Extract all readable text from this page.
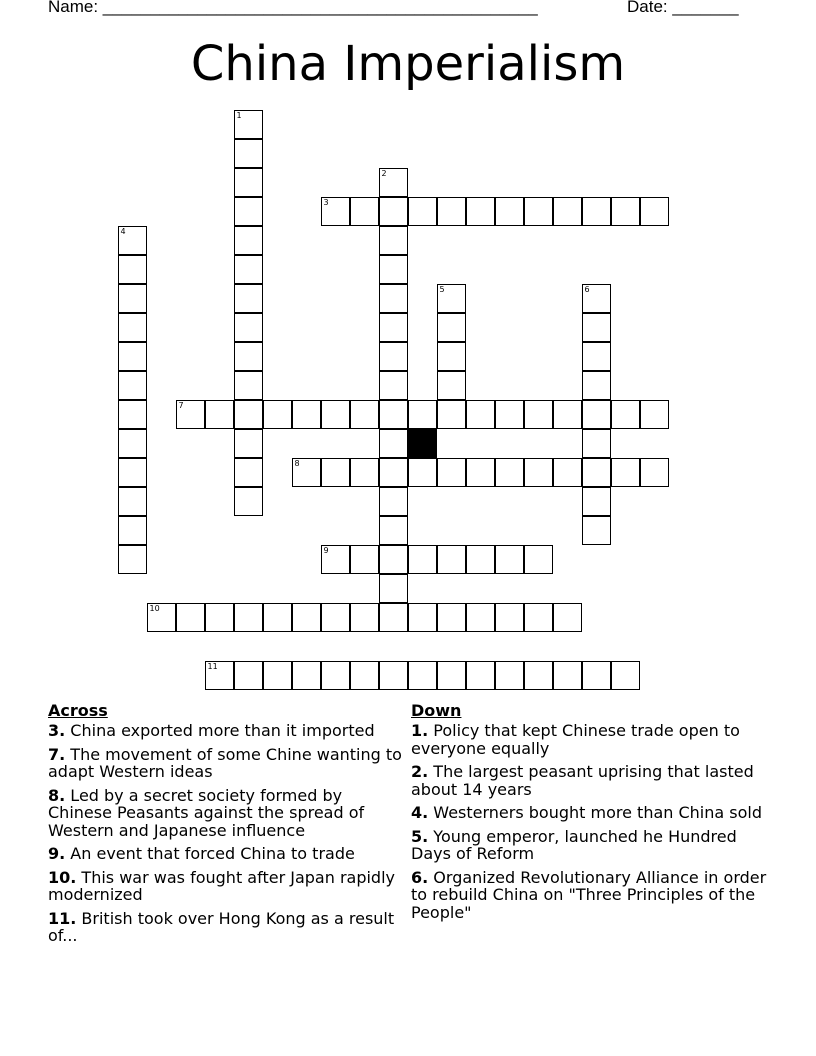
Name: ______________________________________________	Date: _______
China Imperialism
1
2
3
4
5	6
7
8
9
10
11
Across
3. China exported more than it imported
7. The movement of some Chine wanting to adapt Western ideas
8. Led by a secret society formed by Chinese Peasants against the spread of Western and Japanese influence
9. An event that forced China to trade
10. This war was fought after Japan rapidly modernized
11. British took over Hong Kong as a result of...
Down
1. Policy that kept Chinese trade open to everyone equally
2. The largest peasant uprising that lasted about 14 years
4. Westerners bought more than China sold
5. Young emperor, launched he Hundred Days of Reform
6. Organized Revolutionary Alliance in order to rebuild China on "Three Principles of the People"
